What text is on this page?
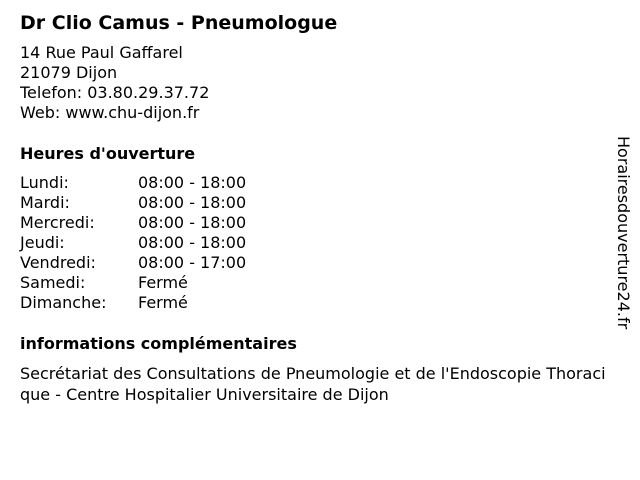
Dr Clio Camus - Pneumologue
14 Rue Paul Gaffarel
21079 Dijon
Telefon: 03.80.29.37.72
Web: www.chu-dijon.fr
Heures d'ouverture
Lundi:	08:00 - 18:00
Mardi:	08:00 - 18:00
Mercredi:	08:00 - 18:00
Jeudi:	08:00 - 18:00
Vendredi:	08:00 - 17:00
Samedi:	Fermé
Dimanche: Fermé
informations complémentaires
Secrétariat des Consultations de Pneumologie et de l'Endoscopie Thoracique - Centre Hospitalier Universitaire de Dijon
Horairesdouverture24.fr
